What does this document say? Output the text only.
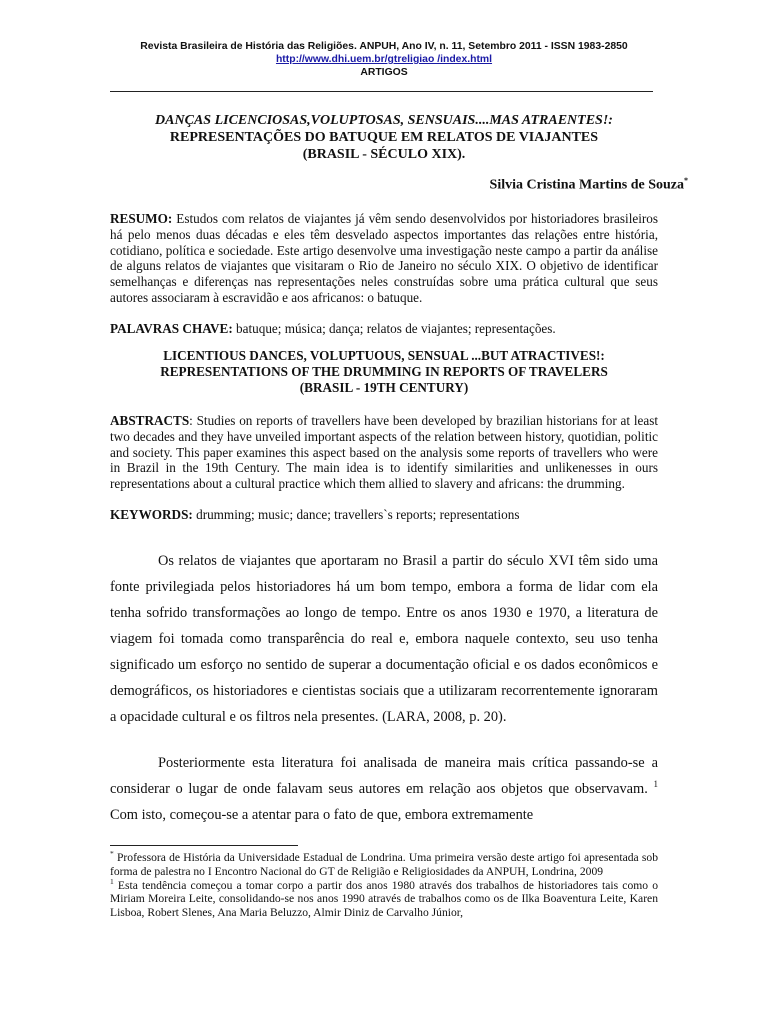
Revista Brasileira de História das Religiões. ANPUH, Ano IV, n. 11, Setembro 2011 - ISSN 1983-2850
http://www.dhi.uem.br/gtreligiao /index.html
ARTIGOS
DANÇAS LICENCIOSAS,VOLUPTOSAS, SENSUAIS....MAS ATRAENTES!:
REPRESENTAÇÕES DO BATUQUE EM RELATOS DE VIAJANTES
(BRASIL - SÉCULO XIX).
Silvia Cristina Martins de Souza*
RESUMO: Estudos com relatos de viajantes já vêm sendo desenvolvidos por historiadores brasileiros há pelo menos duas décadas e eles têm desvelado aspectos importantes das relações entre história, cotidiano, política e sociedade. Este artigo desenvolve uma investigação neste campo a partir da análise de alguns relatos de viajantes que visitaram o Rio de Janeiro no século XIX. O objetivo de identificar semelhanças e diferenças nas representações neles construídas sobre uma prática cultural que seus autores associaram à escravidão e aos africanos: o batuque.
PALAVRAS CHAVE: batuque; música; dança; relatos de viajantes; representações.
LICENTIOUS DANCES, VOLUPTUOUS, SENSUAL ...BUT ATRACTIVES!:
REPRESENTATIONS OF THE DRUMMING IN REPORTS OF TRAVELERS
(BRASIL - 19TH CENTURY)
ABSTRACTS: Studies on reports of travellers have been developed by brazilian historians for at least two decades and they have unveiled important aspects of the relation between history, quotidian, politic and society. This paper examines this aspect based on the analysis some reports of travellers who were in Brazil in the 19th Century. The main idea is to identify similarities and unlikenesses in ours representations about a cultural practice which them allied to slavery and africans: the drumming.
KEYWORDS: drumming; music; dance; travellers`s reports; representations

Os relatos de viajantes que aportaram no Brasil a partir do século XVI têm sido uma fonte privilegiada pelos historiadores há um bom tempo, embora a forma de lidar com ela tenha sofrido transformações ao longo de tempo. Entre os anos 1930 e 1970, a literatura de viagem foi tomada como transparência do real e, embora naquele contexto, seu uso tenha significado um esforço no sentido de superar a documentação oficial e os dados econômicos e demográficos, os historiadores e cientistas sociais que a utilizaram recorrentemente ignoraram a opacidade cultural e os filtros nela presentes. (LARA, 2008, p. 20).

Posteriormente esta literatura foi analisada de maneira mais crítica passando-se a considerar o lugar de onde falavam seus autores em relação aos objetos que observavam. $^1$ Com isto, começou-se a atentar para o fato de que, embora extremamente

* Professora de História da Universidade Estadual de Londrina. Uma primeira versão deste artigo foi apresentada sob forma de palestra no I Encontro Nacional do GT de Religião e Religiosidades da ANPUH, Londrina, 2009

$^1$ Esta tendência começou a tomar corpo a partir dos anos 1980 através dos trabalhos de historiadores tais como o Miriam Moreira Leite, consolidando-se nos anos 1990 através de trabalhos como os de Ilka Boaventura Leite, Karen Lisboa, Robert Slenes, Ana Maria Beluzzo, Almir Diniz de Carvalho Júnior,
